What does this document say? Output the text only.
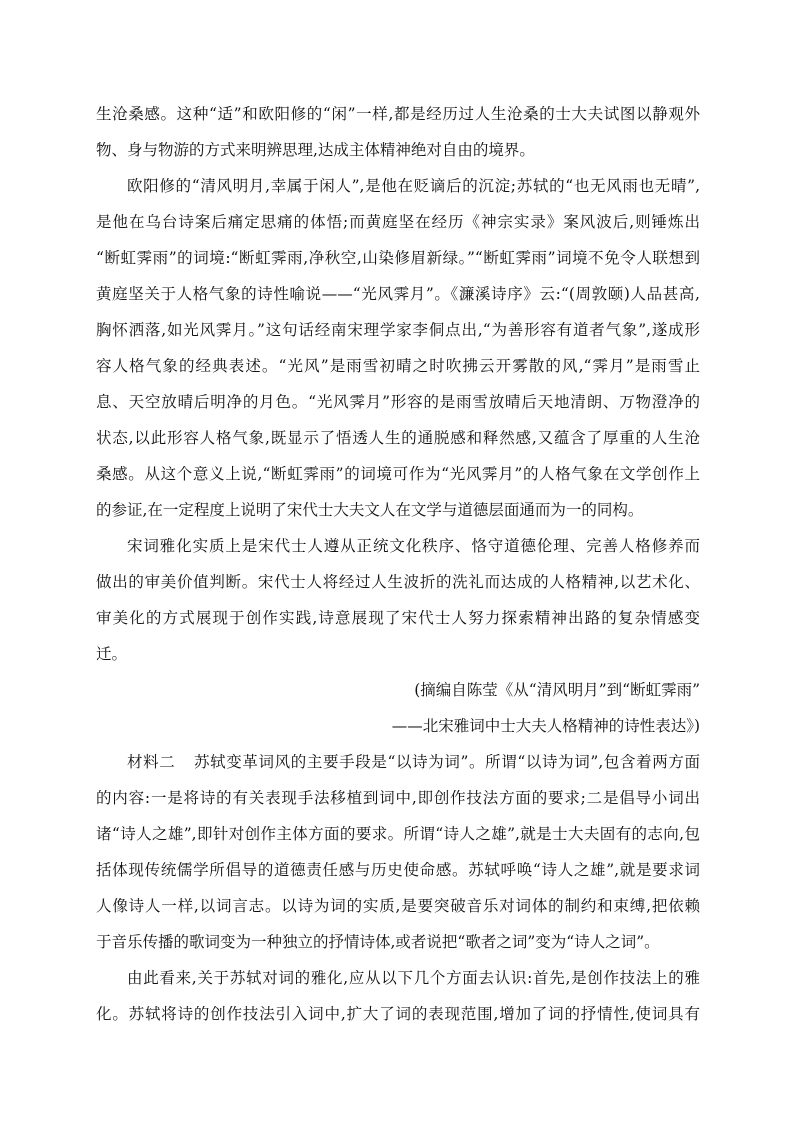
生沧桑感。这种“适”和欧阳修的“闲”一样,都是经历过人生沧桑的士大夫试图以静观外
物、身与物游的方式来明辨思理,达成主体精神绝对自由的境界。
欧阳修的“清风明月,幸属于闲人”,是他在贬谪后的沉淀;苏轼的“也无风雨也无晴”,
是他在乌台诗案后痛定思痛的体悟;而黄庭坚在经历《神宗实录》案风波后,则锤炼出
“断虹霁雨”的词境:“断虹霁雨,净秋空,山染修眉新绿。”“断虹霁雨”词境不免令人联想到
黄庭坚关于人格气象的诗性喻说——“光风霁月”。《濂溪诗序》云:“(周敦颐)人品甚高,
胸怀洒落,如光风霁月。”这句话经南宋理学家李侗点出,“为善形容有道者气象”,遂成形
容人格气象的经典表述。“光风”是雨雪初晴之时吹拂云开雾散的风,“霁月”是雨雪止
息、天空放晴后明净的月色。“光风霁月”形容的是雨雪放晴后天地清朗、万物澄净的
状态,以此形容人格气象,既显示了悟透人生的通脱感和释然感,又蕴含了厚重的人生沧
桑感。从这个意义上说,“断虹霁雨”的词境可作为“光风霁月”的人格气象在文学创作上
的参证,在一定程度上说明了宋代士大夫文人在文学与道德层面通而为一的同构。
宋词雅化实质上是宋代士人遵从正统文化秩序、恪守道德伦理、完善人格修养而
做出的审美价值判断。宋代士人将经过人生波折的洗礼而达成的人格精神,以艺术化、
审美化的方式展现于创作实践,诗意展现了宋代士人努力探索精神出路的复杂情感变
迁。
(摘编自陈莹《从“清风明月”到“断虹霁雨”
——北宋雅词中士大夫人格精神的诗性表达》)
材料二 苏轼变革词风的主要手段是“以诗为词”。所谓“以诗为词”,包含着两方面
的内容:一是将诗的有关表现手法移植到词中,即创作技法方面的要求;二是倡导小词出
诸“诗人之雄”,即针对创作主体方面的要求。所谓“诗人之雄”,就是士大夫固有的志向,包
括体现传统儒学所倡导的道德责任感与历史使命感。苏轼呼唤“诗人之雄”,就是要求词
人像诗人一样,以词言志。以诗为词的实质,是要突破音乐对词体的制约和束缚,把依赖
于音乐传播的歌词变为一种独立的抒情诗体,或者说把“歌者之词”变为“诗人之词”。
由此看来,关于苏轼对词的雅化,应从以下几个方面去认识:首先,是创作技法上的雅
化。苏轼将诗的创作技法引入词中,扩大了词的表现范围,增加了词的抒情性,使词具有
